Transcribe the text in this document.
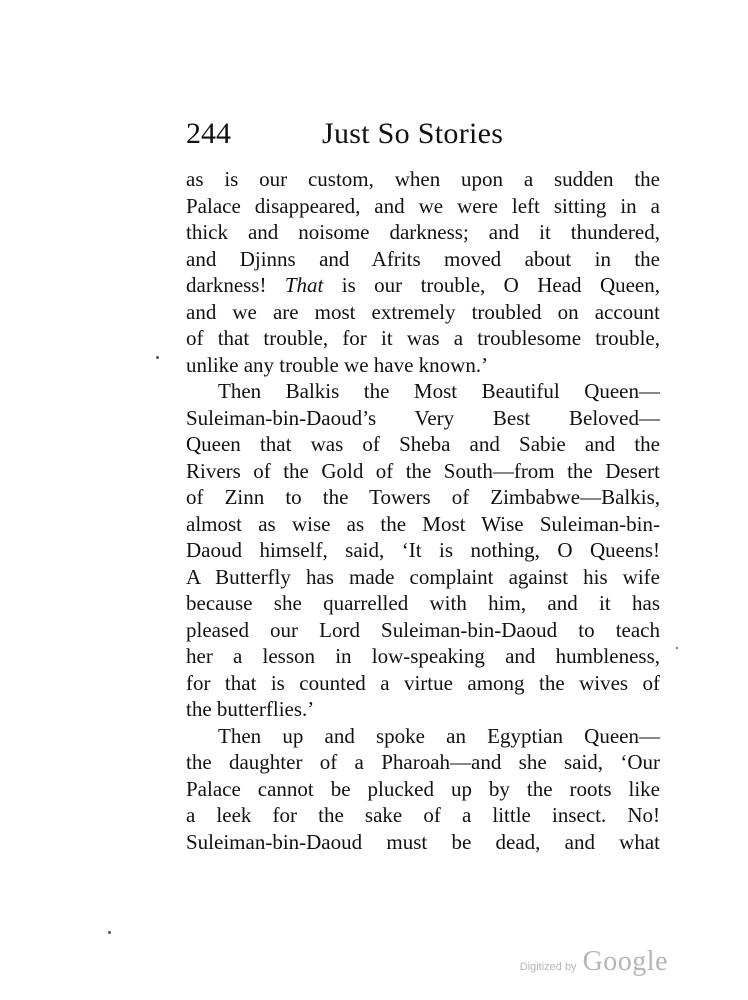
244	Just So Stories
as is our custom, when upon a sudden the
Palace disappeared, and we were left sitting in a
thick and noisome darkness; and it thundered,
and Djinns and Afrits moved about in the
darkness! That is our trouble, O Head Queen,
and we are most extremely troubled on account
of that trouble, for it was a troublesome trouble,
unlike any trouble we have known.’
Then Balkis the Most Beautiful Queen—
Suleiman-bin-Daoud’s Very Best Beloved—
Queen that was of Sheba and Sabie and the
Rivers of the Gold of the South—from the Desert
of Zinn to the Towers of Zimbabwe—Balkis,
almost as wise as the Most Wise Suleiman-bin-
Daoud himself, said, ‘It is nothing, O Queens!
A Butterfly has made complaint against his wife
because she quarrelled with him, and it has
pleased our Lord Suleiman-bin-Daoud to teach
her a lesson in low-speaking and humbleness,
for that is counted a virtue among the wives of
the butterflies.’
Then up and spoke an Egyptian Queen—
the daughter of a Pharoah—and she said, ‘Our
Palace cannot be plucked up by the roots like
a leek for the sake of a little insect. No!
Suleiman-bin-Daoud must be dead, and what
Digitized by Google
